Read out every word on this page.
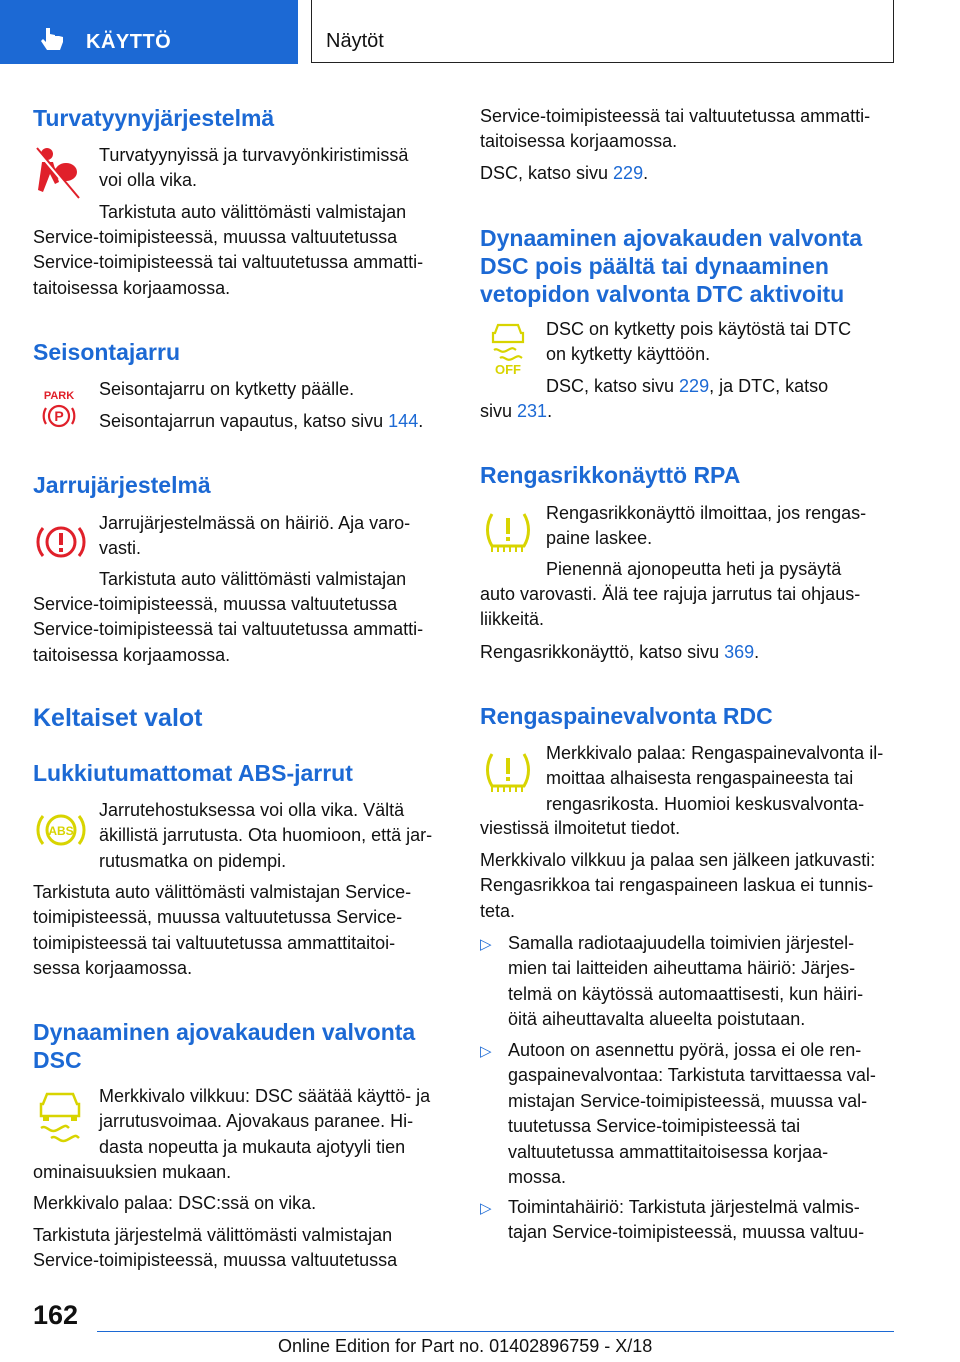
KÄYTTÖ	Näytöt
Turvatyynyjärjestelmä

Turvatyynyissä ja turvavyönkiristimissä
voi olla vika.

Tarkistuta auto välittömästi valmistajan

Service-toimipisteessä, muussa valtuutetussa
Service-toimipisteessä tai valtuutetussa ammatti‐
taitoisessa korjaamossa.

Seisontajarru
PARK
P

Seisontajarru on kytketty päälle.

Seisontajarrun vapautus, katso sivu 144.

Jarrujärjestelmä

Jarrujärjestelmässä on häiriö. Aja varo‐
vasti.

Tarkistuta auto välittömästi valmistajan

Service-toimipisteessä, muussa valtuutetussa
Service-toimipisteessä tai valtuutetussa ammatti‐
taitoisessa korjaamossa.

Keltaiset valot
Lukkiutumattomat ABS-jarrut
ABS

Jarrutehostuksessa voi olla vika. Vältä
äkillistä jarrutusta. Ota huomioon, että jar‐
rutusmatka on pidempi.

Tarkistuta auto välittömästi valmistajan Service-
toimipisteessä, muussa valtuutetussa Service-
toimipisteessä tai valtuutetussa ammattitaitoi‐
sessa korjaamossa.

Dynaaminen ajovakauden valvonta
DSC

Merkkivalo vilkkuu: DSC säätää käyttö- ja
jarrutusvoimaa. Ajovakaus paranee. Hi‐
dasta nopeutta ja mukauta ajotyyli tien

ominaisuuksien mukaan.

Merkkivalo palaa: DSC:ssä on vika.

Tarkistuta järjestelmä välittömästi valmistajan
Service-toimipisteessä, muussa valtuutetussa

Service-toimipisteessä tai valtuutetussa ammatti‐
taitoisessa korjaamossa.

DSC, katso sivu 229.

Dynaaminen ajovakauden valvonta
DSC pois päältä tai dynaaminen
vetopidon valvonta DTC aktivoitu
OFF

DSC on kytketty pois käytöstä tai DTC
on kytketty käyttöön.

DSC, katso sivu 229, ja DTC, katso

sivu 231.

Rengasrikkonäyttö RPA

Rengasrikkonäyttö ilmoittaa, jos rengas‐
paine laskee.

Pienennä ajonopeutta heti ja pysäytä

auto varovasti. Älä tee rajuja jarrutus tai ohjaus‐
liikkeitä.

Rengasrikkonäyttö, katso sivu 369.

Rengaspainevalvonta RDC

Merkkivalo palaa: Rengaspainevalvonta il‐
moittaa alhaisesta rengaspaineesta tai
rengasrikosta. Huomioi keskusvalvonta‐

viestissä ilmoitetut tiedot.

Merkkivalo vilkkuu ja palaa sen jälkeen jatkuvasti:
Rengasrikkoa tai rengaspaineen laskua ei tunnis‐
teta.

▷ Samalla radiotaajuudella toimivien järjestel‐
mien tai laitteiden aiheuttama häiriö: Järjes‐
telmä on käytössä automaattisesti, kun häiri‐
öitä aiheuttavalta alueelta poistutaan.

▷ Autoon on asennettu pyörä, jossa ei ole ren‐
gaspainevalvontaa: Tarkistuta tarvittaessa val‐
mistajan Service-toimipisteessä, muussa val‐
tuutetussa Service-toimipisteessä tai
valtuutetussa ammattitaitoisessa korjaa‐
mossa.

▷ Toimintahäiriö: Tarkistuta järjestelmä valmis‐
tajan Service-toimipisteessä, muussa valtuu‐

162
Online Edition for Part no. 01402896759 - X/18
